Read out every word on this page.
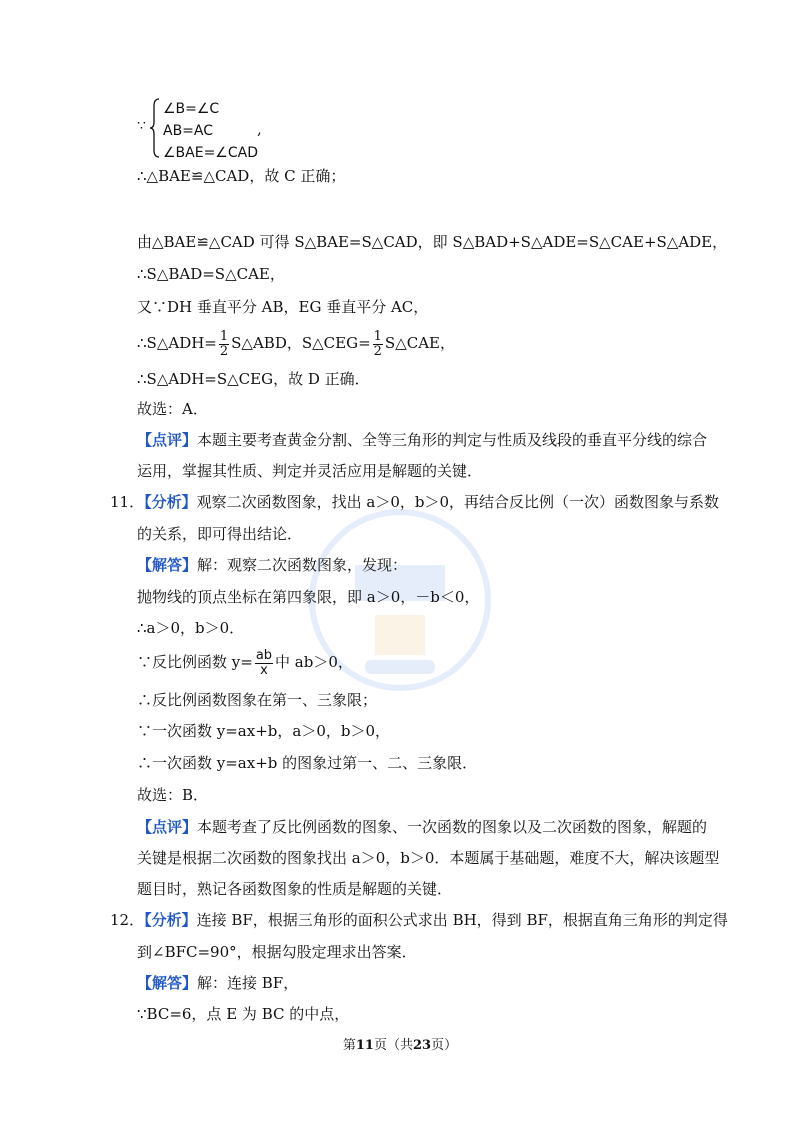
∵
∠B=∠C
AB=AC
∠BAE=∠CAD
,
∴△BAE≌△CAD，故 C 正确；
由△BAE≌△CAD 可得 S△BAE=S△CAD，即 S△BAD+S△ADE=S△CAE+S△ADE，
∴S△BAD=S△CAE，
又∵DH 垂直平分 AB，EG 垂直平分 AC，
∴S△ADH= $\frac{1}{2}$ S△ABD，S△CEG= $\frac{1}{2}$ S△CAE，
∴S△ADH=S△CEG，故 D 正确．
故选：A．
【点评】本题主要考查黄金分割、全等三角形的判定与性质及线段的垂直平分线的综合
运用，掌握其性质、判定并灵活应用是解题的关键．
11．【分析】观察二次函数图象，找出 a＞0，b＞0，再结合反比例（一次）函数图象与系数
的关系，即可得出结论．
【解答】解：观察二次函数图象，发现：
抛物线的顶点坐标在第四象限，即 a＞0，－b＜0，
∴a＞0，b＞0．
∵反比例函数 $y= \frac{ab}{x}$ 中 ab＞0，
∴反比例函数图象在第一、三象限；
∵一次函数 y=ax+b，a＞0，b＞0，
∴一次函数 y=ax+b 的图象过第一、二、三象限．
故选：B．
【点评】本题考查了反比例函数的图象、一次函数的图象以及二次函数的图象，解题的
关键是根据二次函数的图象找出 a＞0，b＞0．本题属于基础题，难度不大，解决该题型
题目时，熟记各函数图象的性质是解题的关键．
12．【分析】连接 BF，根据三角形的面积公式求出 BH，得到 BF，根据直角三角形的判定得
到∠BFC=90°，根据勾股定理求出答案．
【解答】解：连接 BF，
∵BC=6，点 E 为 BC 的中点，
第11页（共23页）
